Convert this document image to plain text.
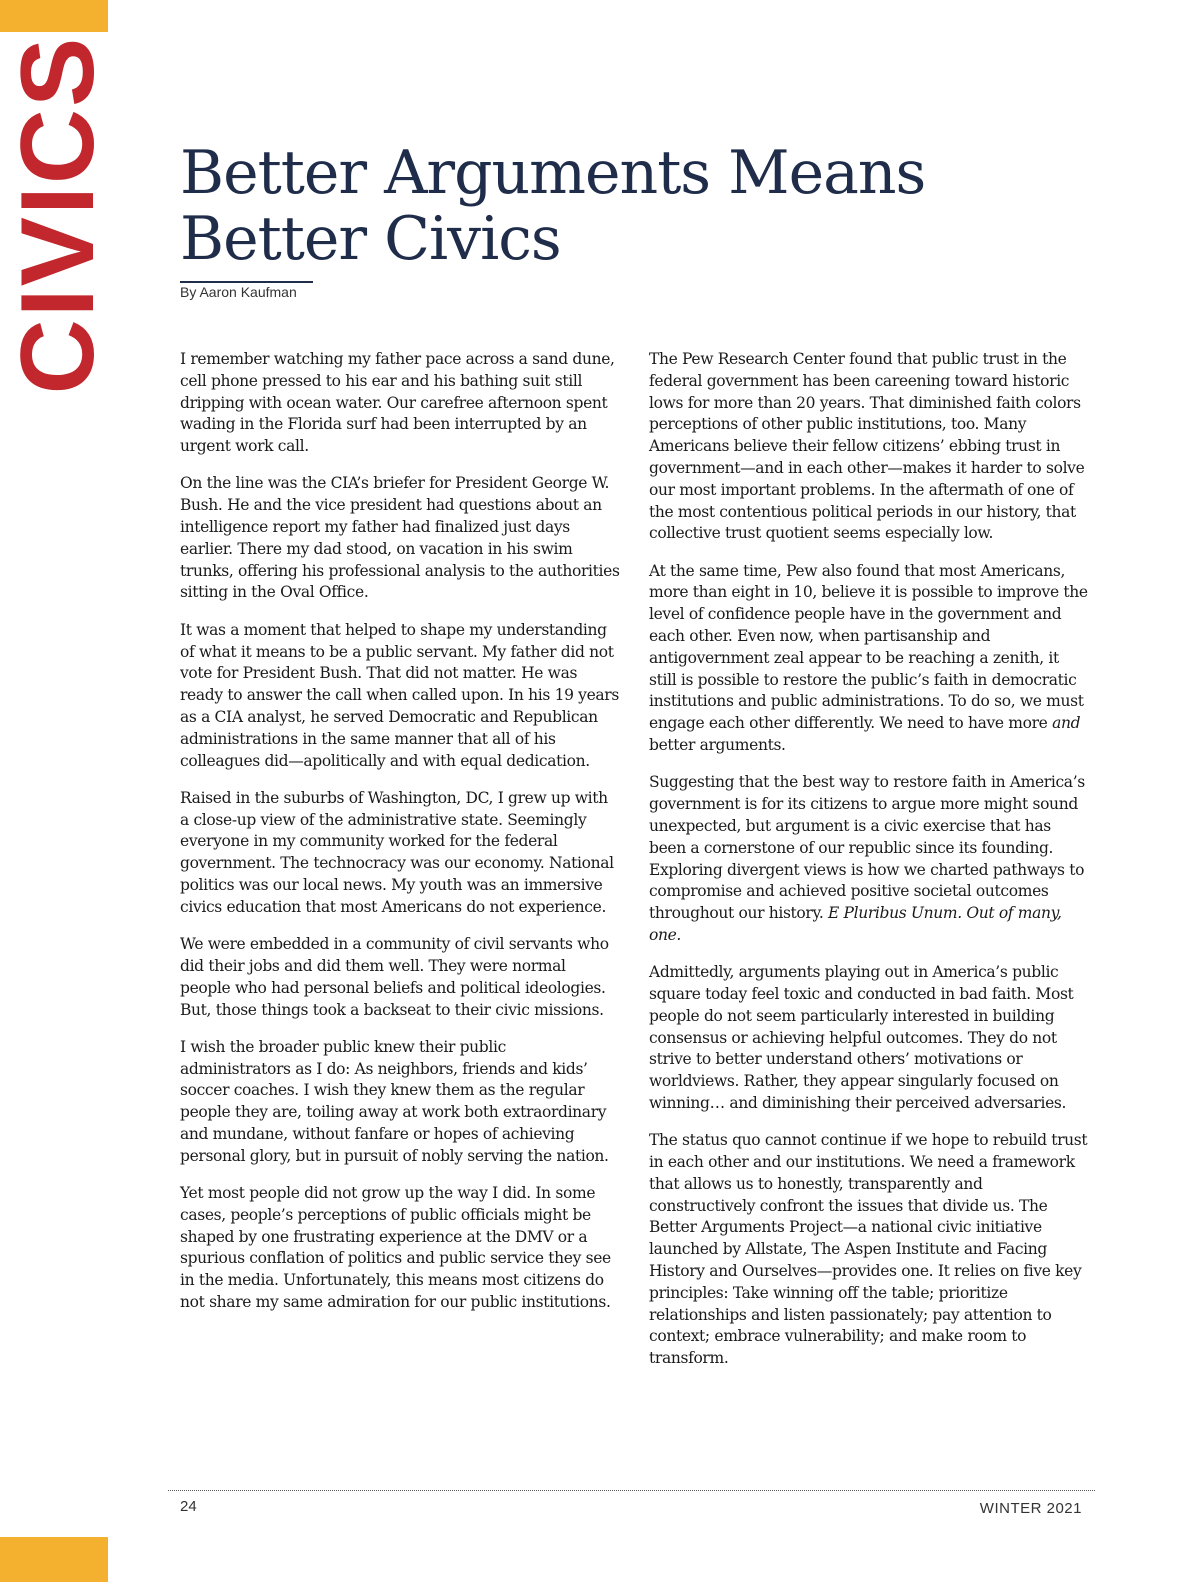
CIVICS Better Arguments Means
Better Civics
By Aaron Kaufman

I remember watching my father pace across a sand dune, cell phone pressed to his ear and his bathing suit still dripping with ocean water. Our carefree afternoon spent wading in the Florida surf had been interrupted by an urgent work call.

On the line was the CIA’s briefer for President George W. Bush. He and the vice president had questions about an intelligence report my father had finalized just days earlier. There my dad stood, on vacation in his swim trunks, offering his professional analysis to the authorities sitting in the Oval Office.

It was a moment that helped to shape my understanding of what it means to be a public servant. My father did not vote for President Bush. That did not matter. He was ready to answer the call when called upon. In his 19 years as a CIA analyst, he served Democratic and Republican administrations in the same manner that all of his colleagues did—apolitically and with equal dedication.

Raised in the suburbs of Washington, DC, I grew up with a close-up view of the administrative state. Seemingly everyone in my community worked for the federal government. The technocracy was our economy. National politics was our local news. My youth was an immersive civics education that most Americans do not experience.

We were embedded in a community of civil servants who did their jobs and did them well. They were normal people who had personal beliefs and political ideologies. But, those things took a backseat to their civic missions.

I wish the broader public knew their public administrators as I do: As neighbors, friends and kids’ soccer coaches. I wish they knew them as the regular people they are, toiling away at work both extraordinary and mundane, without fanfare or hopes of achieving personal glory, but in pursuit of nobly serving the nation.

Yet most people did not grow up the way I did. In some cases, people’s perceptions of public officials might be shaped by one frustrating experience at the DMV or a spurious conflation of politics and public service they see in the media. Unfortunately, this means most citizens do not share my same admiration for our public institutions.

The Pew Research Center found that public trust in the federal government has been careening toward historic lows for more than 20 years. That diminished faith colors perceptions of other public institutions, too. Many Americans believe their fellow citizens’ ebbing trust in government—and in each other—makes it harder to solve our most important problems. In the aftermath of one of the most contentious political periods in our history, that collective trust quotient seems especially low.

At the same time, Pew also found that most Americans, more than eight in 10, believe it is possible to improve the level of confidence people have in the government and each other. Even now, when partisanship and antigovernment zeal appear to be reaching a zenith, it still is possible to restore the public’s faith in democratic institutions and public administrations. To do so, we must engage each other differently. We need to have more and better arguments.

Suggesting that the best way to restore faith in America’s government is for its citizens to argue more might sound unexpected, but argument is a civic exercise that has been a cornerstone of our republic since its founding. Exploring divergent views is how we charted pathways to compromise and achieved positive societal outcomes throughout our history. E Pluribus Unum. Out of many, one.

Admittedly, arguments playing out in America’s public square today feel toxic and conducted in bad faith. Most people do not seem particularly interested in building consensus or achieving helpful outcomes. They do not strive to better understand others’ motivations or worldviews. Rather, they appear singularly focused on winning… and diminishing their perceived adversaries.

The status quo cannot continue if we hope to rebuild trust in each other and our institutions. We need a framework that allows us to honestly, transparently and constructively confront the issues that divide us. The Better Arguments Project—a national civic initiative launched by Allstate, The Aspen Institute and Facing History and Ourselves—provides one. It relies on five key principles: Take winning off the table; prioritize relationships and listen passionately; pay attention to context; embrace vulnerability; and make room to transform.

24	WINTER 2021
